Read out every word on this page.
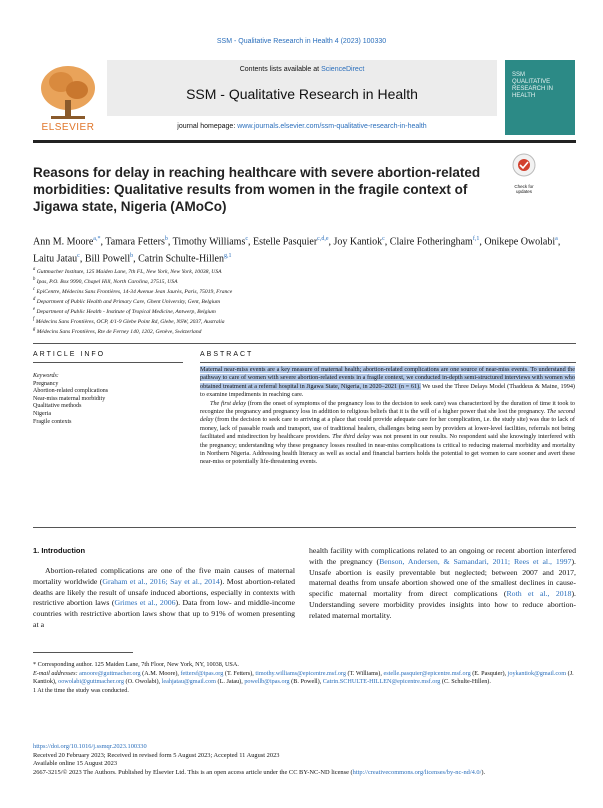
SSM - Qualitative Research in Health 4 (2023) 100330
ELSEVIER
Contents lists available at ScienceDirect
SSM - Qualitative Research in Health
journal homepage: www.journals.elsevier.com/ssm-qualitative-research-in-health
SSM
QUALITATIVE
RESEARCH IN
HEALTH
Reasons for delay in reaching healthcare with severe abortion-related morbidities: Qualitative results from women in the fragile context of Jigawa state, Nigeria (AMoCo)
Check for updates
Ann M. Moore$^{a,*}$, Tamara Fetters$^b$, Timothy Williams$^c$, Estelle Pasquier$^{c,d,e}$, Joy Kantiok$^c$, Claire Fotheringham$^{f,1}$, Onikepe Owolabi$^a$, Laitu Jatau$^c$, Bill Powell$^b$, Catrin Schulte-Hillen$^{g,1}$
$^a$ Guttmacher Institute, 125 Maiden Lane, 7th FL, New York, New York, 10038, USA
$^b$ Ipas, P.O. Box 9990, Chapel Hill, North Carolina, 27515, USA
$^c$ EpiCentre, Médecins Sans Frontières, 14-34 Avenue Jean Jaurès, Paris, 75019, France
$^d$ Department of Public Health and Primary Care, Ghent University, Gent, Belgium
$^e$ Department of Public Health - Institute of Tropical Medicine, Antwerp, Belgium
$^f$ Médecins Sans Frontières, OCP, 4/1-9 Glebe Point Rd, Glebe, NSW, 2037, Australia
$^g$ Médecins Sans Frontières, Rte de Ferney 140, 1202, Genève, Switzerland
ARTICLE INFO
Keywords:
Pregnancy
Abortion-related complications
Near-miss maternal morbidity
Qualitative methods
Nigeria
Fragile contexts
ABSTRACT

Maternal near-miss events are a key measure of maternal health; abortion-related complications are one source of near-miss events. To understand the pathway to care of women with severe abortion-related events in a fragile context, we conducted in-depth semi-structured interviews with women who obtained treatment at a referral hospital in Jigawa State, Nigeria, in 2020–2021 (n = 61). We used the Three Delays Model (Thaddeus & Maine, 1994) to examine impediments in reaching care.

The first delay (from the onset of symptoms of the pregnancy loss to the decision to seek care) was characterized by the duration of time it took to recognize the pregnancy and pregnancy loss in addition to religious beliefs that it is the will of a higher power that she lost the pregnancy. The second delay (from the decision to seek care to arriving at a place that could provide adequate care for her complication, i.e. the study site) was due to lack of money, lack of passable roads and transport, use of traditional healers, challenges being seen by providers at lower-level facilities, referrals not being facilitated and misdirection by healthcare providers. The third delay was not present in our results. No respondent said she knowingly interfered with the pregnancy; understanding why these pregnancy losses resulted in near-miss complications is critical to reducing maternal morbidity and mortality in Northern Nigeria. Addressing health literacy as well as social and financial barriers holds the potential to get women to care sooner and avert these near-miss or potentially life-threatening events.

1. Introduction

Abortion-related complications are one of the five main causes of maternal mortality worldwide (Graham et al., 2016; Say et al., 2014). Most abortion-related deaths are likely the result of unsafe induced abortions, especially in contexts with restrictive abortion laws (Grimes et al., 2006). Data from low- and middle-income countries with restrictive abortion laws show that up to 91% of women presenting at a

health facility with complications related to an ongoing or recent abortion interfered with the pregnancy (Benson, Andersen, & Samandari, 2011; Rees et al., 1997). Unsafe abortion is easily preventable but neglected; between 2007 and 2017, maternal deaths from unsafe abortion showed one of the smallest declines in cause-specific maternal mortality from direct complications (Roth et al., 2018). Understanding severe morbidity provides insights into how to reduce abortion-related maternal mortality.

* Corresponding author. 125 Maiden Lane, 7th Floor, New York, NY, 10038, USA.
E-mail addresses: amoore@guttmacher.org (A.M. Moore), fettersf@ipas.org (T. Fetters), timothy.williams@epicentre.msf.org (T. Williams), estelle.pasquier@epicentre.msf.org (E. Pasquier), joykantiok@gmail.com (J. Kantiok), oowolabi@guttmacher.org (O. Owolabi), leahjatau@gmail.com (L. Jatau), powellb@ipas.org (B. Powell), Catrin.SCHULTE-HILLEN@epicentre.msf.org (C. Schulte-Hillen).
1 At the time the study was conducted.
https://doi.org/10.1016/j.ssmqr.2023.100330
Received 20 February 2023; Received in revised form 5 August 2023; Accepted 11 August 2023
Available online 15 August 2023
2667-3215/© 2023 The Authors. Published by Elsevier Ltd. This is an open access article under the CC BY-NC-ND license (http://creativecommons.org/licenses/by-nc-nd/4.0/).
